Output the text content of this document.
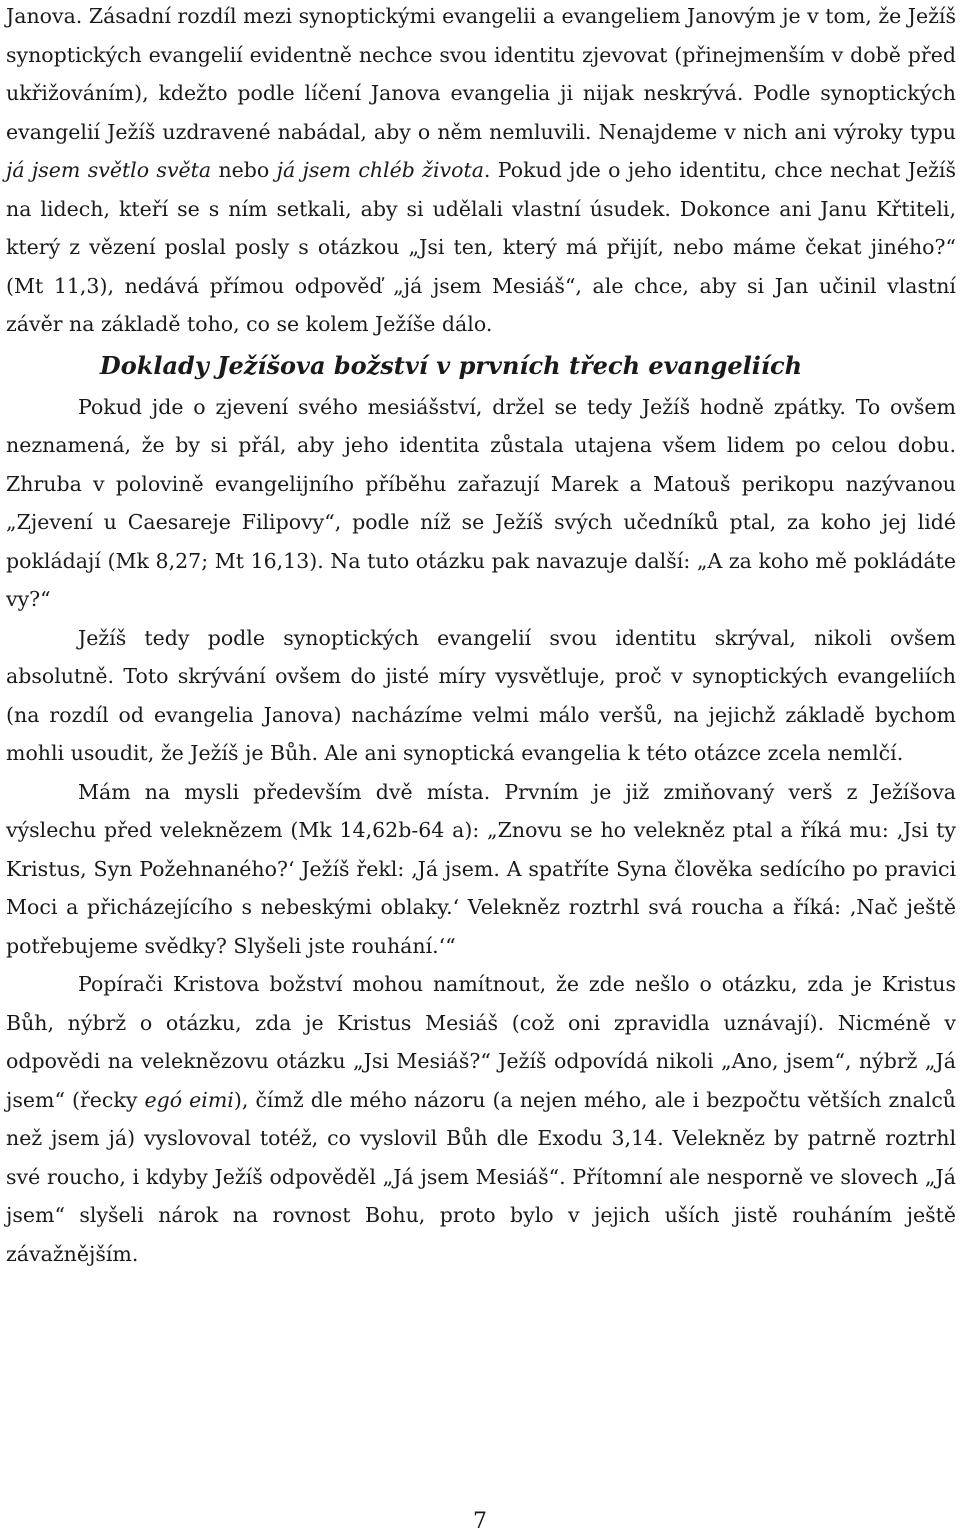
Janova. Zásadní rozdíl mezi synoptickými evangelii a evangeliem Janovým je v tom, že Ježíš synoptických evangelií evidentně nechce svou identitu zjevovat (přinejmenším v době před ukřižováním), kdežto podle líčení Janova evangelia ji nijak neskrývá. Podle synoptických evangelií Ježíš uzdravené nabádal, aby o něm nemluvili. Nenajdeme v nich ani výroky typu já jsem světlo světa nebo já jsem chléb života. Pokud jde o jeho identitu, chce nechat Ježíš na lidech, kteří se s ním setkali, aby si udělali vlastní úsudek. Dokonce ani Janu Křtiteli, který z vězení poslal posly s otázkou „Jsi ten, který má přijít, nebo máme čekat jiného?“ (Mt 11,3), nedává přímou odpověď „já jsem Mesiáš“, ale chce, aby si Jan učinil vlastní závěr na základě toho, co se kolem Ježíše dálo.

Doklady Ježíšova božství v prvních třech evangeliích

Pokud jde o zjevení svého mesiášství, držel se tedy Ježíš hodně zpátky. To ovšem neznamená, že by si přál, aby jeho identita zůstala utajena všem lidem po celou dobu. Zhruba v polovině evangelijního příběhu zařazují Marek a Matouš perikopu nazývanou „Zjevení u Caesareje Filipovy“, podle níž se Ježíš svých učedníků ptal, za koho jej lidé pokládají (Mk 8,27; Mt 16,13). Na tuto otázku pak navazuje další: „A za koho mě pokládáte vy?“

Ježíš tedy podle synoptických evangelií svou identitu skrýval, nikoli ovšem absolutně. Toto skrývání ovšem do jisté míry vysvětluje, proč v synoptických evangeliích (na rozdíl od evangelia Janova) nacházíme velmi málo veršů, na jejichž základě bychom mohli usoudit, že Ježíš je Bůh. Ale ani synoptická evangelia k této otázce zcela nemlčí.

Mám na mysli především dvě místa. Prvním je již zmiňovaný verš z Ježíšova výslechu před veleknězem (Mk 14,62b-64 a): „Znovu se ho velekněz ptal a říká mu: ‚Jsi ty Kristus, Syn Požehnaného?‘ Ježíš řekl: ‚Já jsem. A spatříte Syna člověka sedícího po pravici Moci a přicházejícího s nebeskými oblaky.‘ Velekněz roztrhl svá roucha a říká: ‚Nač ještě potřebujeme svědky? Slyšeli jste rouhání.‘“

Popírači Kristova božství mohou namítnout, že zde nešlo o otázku, zda je Kristus Bůh, nýbrž o otázku, zda je Kristus Mesiáš (což oni zpravidla uznávají). Nicméně v odpovědi na veleknězovu otázku „Jsi Mesiáš?“ Ježíš odpovídá nikoli „Ano, jsem“, nýbrž „Já jsem“ (řecky egó eimi), čímž dle mého názoru (a nejen mého, ale i bezpočtu větších znalců než jsem já) vyslovoval totéž, co vyslovil Bůh dle Exodu 3,14. Velekněz by patrně roztrhl své roucho, i kdyby Ježíš odpověděl „Já jsem Mesiáš“. Přítomní ale nesporně ve slovech „Já jsem“ slyšeli nárok na rovnost Bohu, proto bylo v jejich uších jistě rouháním ještě závažnějším.

7
